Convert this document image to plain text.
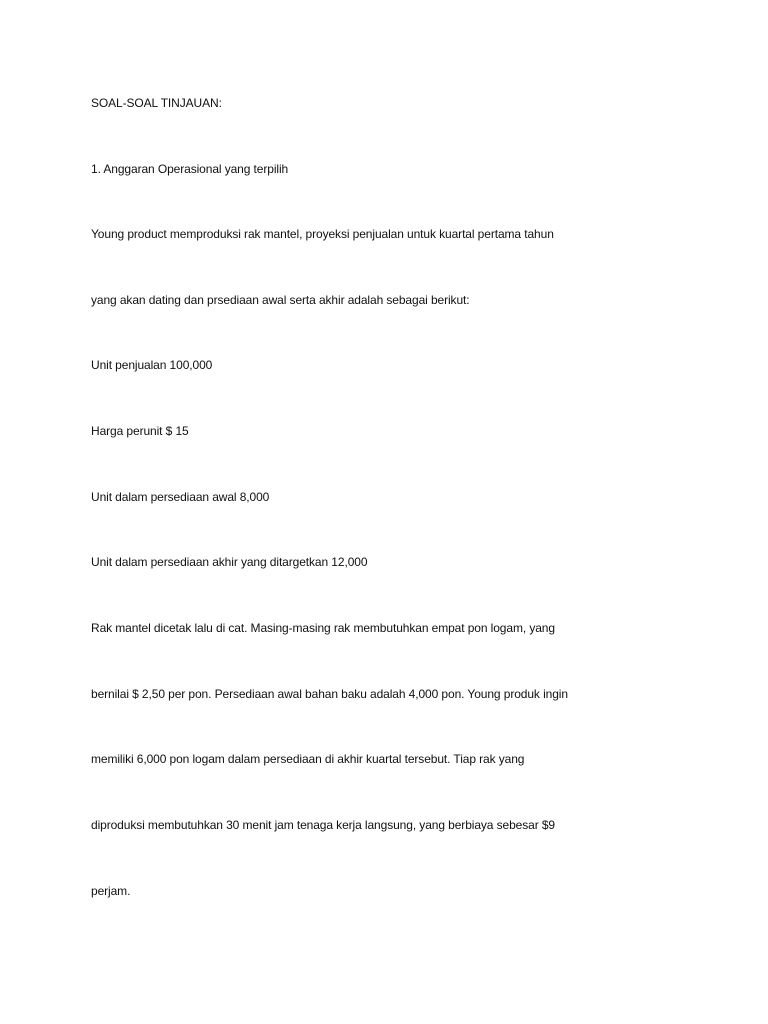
SOAL-SOAL TINJAUAN:

1. Anggaran Operasional yang terpilih

Young product memproduksi rak mantel, proyeksi penjualan untuk kuartal pertama tahun

yang akan dating dan prsediaan awal serta akhir adalah sebagai berikut:

Unit penjualan 100,000

Harga perunit $ 15

Unit dalam persediaan awal 8,000

Unit dalam persediaan akhir yang ditargetkan 12,000

Rak mantel dicetak lalu di cat. Masing-masing rak membutuhkan empat pon logam, yang

bernilai $ 2,50 per pon. Persediaan awal bahan baku adalah 4,000 pon. Young produk ingin

memiliki 6,000 pon logam dalam persediaan di akhir kuartal tersebut. Tiap rak yang

diproduksi membutuhkan 30 menit jam tenaga kerja langsung, yang berbiaya sebesar $9

perjam.
